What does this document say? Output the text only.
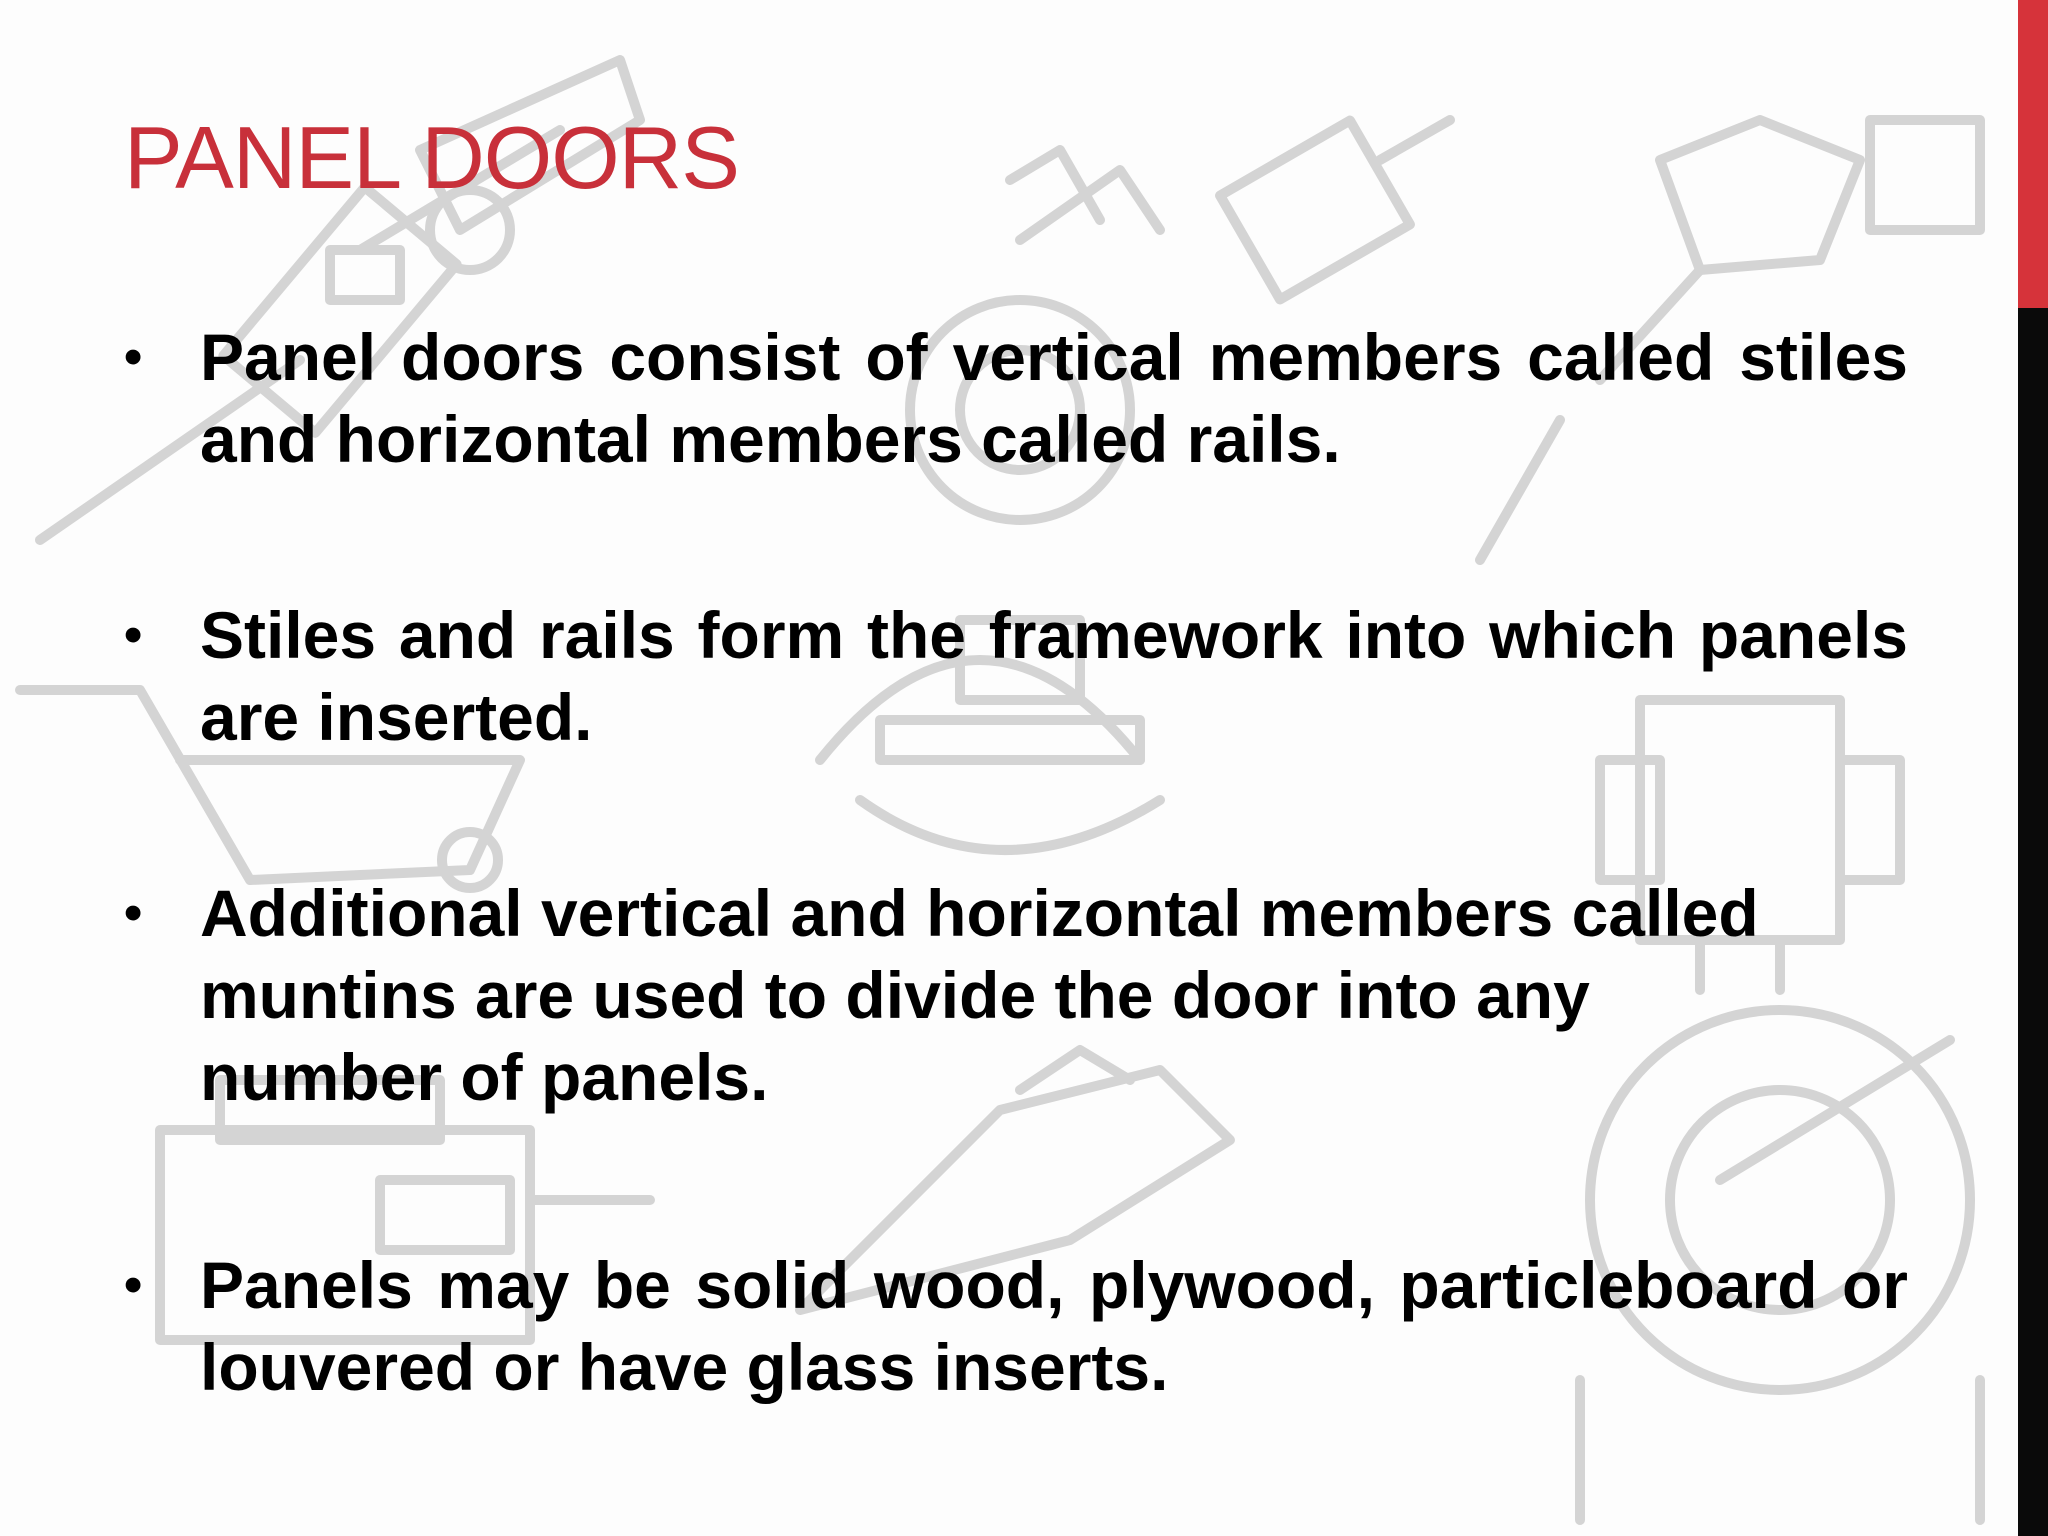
PANEL DOORS
• Panel doors consist of vertical members called stiles and horizontal members called rails.
• Stiles and rails form the framework into which panels are inserted.
• Additional vertical and horizontal members called muntins are used to divide the door into any number of panels.
• Panels may be solid wood, plywood, particleboard or louvered or have glass inserts.
